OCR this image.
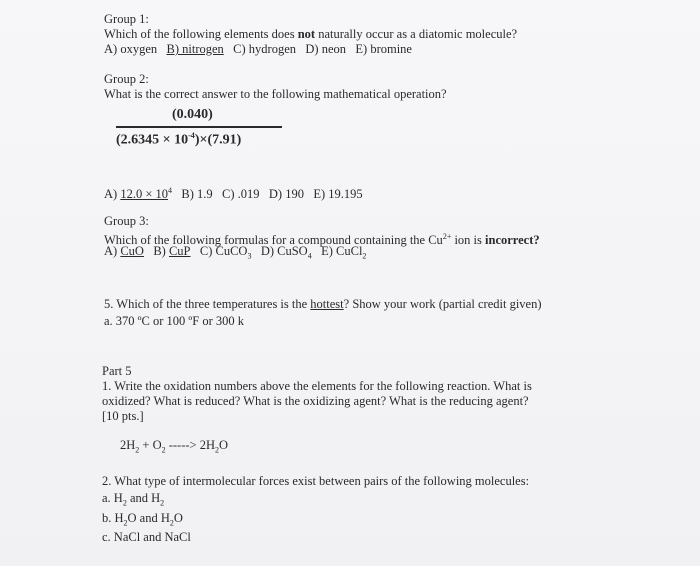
Group 1:
Which of the following elements does not naturally occur as a diatomic molecule?
A) oxygen B) nitrogen C) hydrogen D) neon E) bromine
Group 2:
What is the correct answer to the following mathematical operation?
(0.040)
$(2.6345 \times 10^{-4})\times(7.91)$
A) $12.0 \times 10^4$ B) 1.9   C) .019   D) 190   E) 19.195
Group 3:
Which of the following formulas for a compound containing the $Cu^{2+}$ ion is incorrect?
A) CuO B) CuP C) CuCO$_3$ D) CuSO$_4$ E) CuCl$_2$
5. Which of the three temperatures is the hottest? Show your work (partial credit given)
a. 370 ºC or 100 ºF or 300 k
Part 5
1. Write the oxidation numbers above the elements for the following reaction. What is
oxidized? What is reduced? What is the oxidizing agent? What is the reducing agent?
[10 pts.]
$2H_2 + O_2$ -----> $2H_2O$
2. What type of intermolecular forces exist between pairs of the following molecules:
a. $H_2$ and $H_2$
b. $H_2O$ and $H_2O$
c. NaCl and NaCl
